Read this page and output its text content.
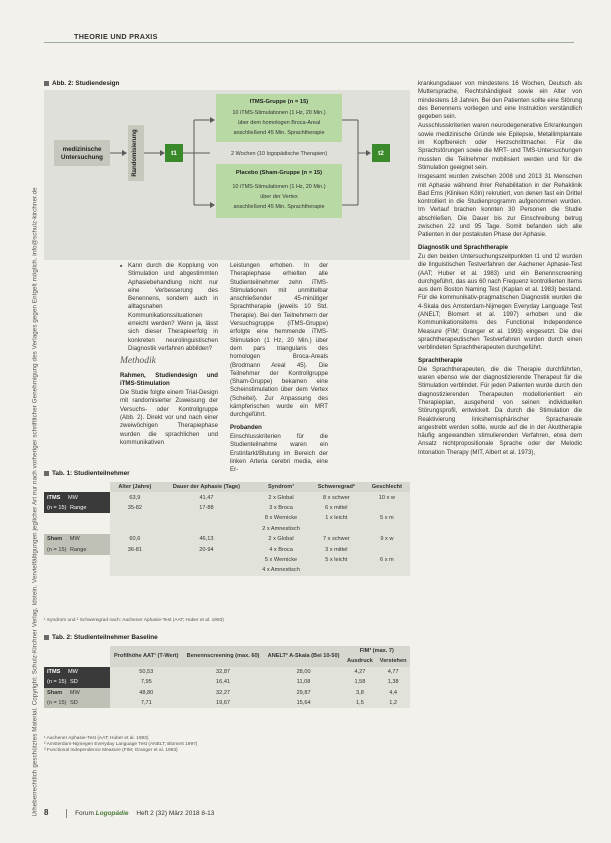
Urheberrechtlich geschütztes Material. Copyright: Schulz-Kirchner Verlag, Idstein. Vervielfältigungen jeglicher Art nur nach vorheriger schriftlicher Genehmigung des Verlages gegen Entgelt möglich. info@schulz-kirchner.de
THEORIE UND PRAXIS
Abb. 2: Studiendesign
medizinische Untersuchung	Randomisierung	t1	t2
ITMS-Gruppe (n = 15)
10 iTMS-Stimulationen (1 Hz, 20 Min.)
über dem homologen Broca-Areal
anschließend 45 Min. Sprachtherapie
2 Wochen (10 logopädische Therapien)
Placebo (Sham-Gruppe (n = 15)
10 iTMS-Stimulationen (1 Hz, 20 Min.)
über der Vertex
anschließend 45 Min. Sprachtherapie

■ Kann durch die Kopplung von Stimulation und abgestimmten Aphasiebehandlung nicht nur eine Verbesserung des Benennens, sondern auch in alltagsnahen Kommunikationssituationen erreicht werden? Wenn ja, lässt sich dieser Therapieerfolg in konkreten neurolinguistischen Diagnostik verfahren abbilden?

Methodik

Rahmen, Studiendesign und iTMS-Stimulation

Die Studie folgte einem Trial-Design mit randomisierter Zuweisung der Versuchs- oder Kontrollgruppe (Abb. 2). Direkt vor und nach einer zweiwöchigen Therapiephase wurden die sprachlichen und kommunikativen

Leistungen erhoben. In der Therapiephase erhielten alle Studienteilnehmer zehn iTMS-Stimulationen mit unmittelbar anschließender 45-minütiger Sprachtherapie (jeweils 10 Std. Therapie). Bei den Teilnehmern der Versuchsgruppe (iTMS-Gruppe) erfolgte eine hemmende iTMS-Stimulation (1 Hz, 20 Min.) über dem pars triangularis des homologen Broca-Areals (Brodmann Areal 45). Die Teilnehmer der Kontrollgruppe (Sham-Gruppe) bekamen eine Scheinstimulation über dem Vertex (Scheitel). Zur Anpassung des kämpferischen wurde ein MRT durchgeführt.

Probanden

Einschlusskriterien für die Studienteilnahme waren ein Erstinfarkt/Blutung im Bereich der linken Arteria cerebri media, eine Er-

krankungsdauer von mindestens 16 Wochen, Deutsch als Muttersprache, Rechtshändigkeit sowie ein Alter von mindestens 18 Jahren. Bei den Patienten sollte eine Störung des Benennens vorliegen und eine Instruktion verständlich gegeben sein.

Ausschlusskriterien waren neurodegenerative Erkrankungen sowie medizinische Gründe wie Epilepsie, Metallimplantate im Kopfbereich oder Herzschrittmacher. Für die Sprachstörungen sowie die MRT- und TMS-Untersuchungen mussten die Teilnehmer mobilisiert werden und für die Stimulation geeignet sein.

Insgesamt wurden zwischen 2008 und 2013 31 Menschen mit Aphasie während ihrer Rehabilitation in der Rehaklinik Bad Ems (Kliniken Köln) rekrutiert, von denen fast ein Drittel kontrolliert in die Studienprogramm aufgenommen wurden. Im Verlauf brachen konnten 30 Personen die Studie abschließen. Die Dauer bis zur Einschreibung betrug zwischen 22 und 95 Tage. Somit befanden sich alle Patienten in der postakuten Phase der Aphasie.

Diagnostik und Sprachtherapie

Zu den beiden Untersuchungszeitpunkten t1 und t2 wurden die linguistischen Testverfahren der Aachener Aphasie-Test (AAT; Huber et al. 1983) und ein Benennscreening durchgeführt, das aus 60 nach Frequenz kontrollierten Items aus dem Boston Naming Test (Kaplan et al. 1983) bestand. Für die kommunikativ-pragmatischen Diagnostik wurden die 4-Skala des Amsterdam-Nijmegen Everyday Language Test (ANELT; Blomert et al. 1997) erhoben und die Kommunikationsitems des Functional Independence Measure (FIM; Granger et al. 1993) eingesetzt. Die drei sprachtherapeutischen Testverfahren wurden durch einen verblindeten Sprachtherapeuten durchgeführt.

Sprachtherapie

Die Sprachtherapeuten, die die Therapie durchführten, waren ebenso wie der diagnostizierende Therapeut für die Stimulation verblindet. Für jeden Patienten wurde durch den diagnostizierenden Therapeuten modellorientiert ein Therapieplan, ausgehend von seinen individuellen Störungsprofil, entwickelt. Da durch die Stimulation die Reaktivierung linkshemisphärischer Sprachareale angestrebt werden sollte, wurde auf die in der Akuttherapie häufig angewandten stimulierenden Verfahren, etwa dem Ansatz nichtpropositionale Sprache oder der Melodic Intonation Therapy (MIT, Albert et al. 1973),

Tab. 1: Studienteilnehmer
	Alter (Jahre)	Dauer der Aphasie (Tage)	Syndrom¹	Schweregrad²	Geschlecht
iTMS MW	63,9	41,47	2 x Global	8 x schwer	10 x w
(n = 15) Range	35-82	17-88	3 x Broca	6 x mittel	
			8 x Wernicke	1 x leicht	5 x m
			2 x Amnestisch		
Sham MW	60,6	46,13	2 x Global	7 x schwer	9 x w
(n = 15) Range	36-81	20-94	4 x Broca	3 x mittel	
			5 x Wernicke	5 x leicht	6 x m
			4 x Amnestisch		
¹ Syndrom und ² Schweregrad nach: Aachener Aphasie-Test (AAT; Huber et al. 1983)
Tab. 2: Studienteilnehmer Baseline
	Profilhöhe AAT¹ (T-Wert)	Benennscreening (max. 60)	ANELT² A-Skala (Bei 10-50)	FIM³ (max. 7)	
				Ausdruck	Verstehen
iTMS MW	50,53	32,87	28,00	4,27	4,77
(n = 15) SD	7,95	16,41	11,08	1,58	1,38
Sham MW	48,80	32,27	29,87	3,8	4,4
(n = 15) SD	7,71	19,67	15,64	1,5	1,2
¹ Aachener Aphasie-Test (AAT; Huber et al. 1983)
² Amsterdam-Nijmegen Everyday Language Test (ANELT; Blomert 1997)
³ Functional Independence Measure (FIM; Granger et al. 1993)
8	Forum Logopädie Heft 2 (32) März 2018 8-13
